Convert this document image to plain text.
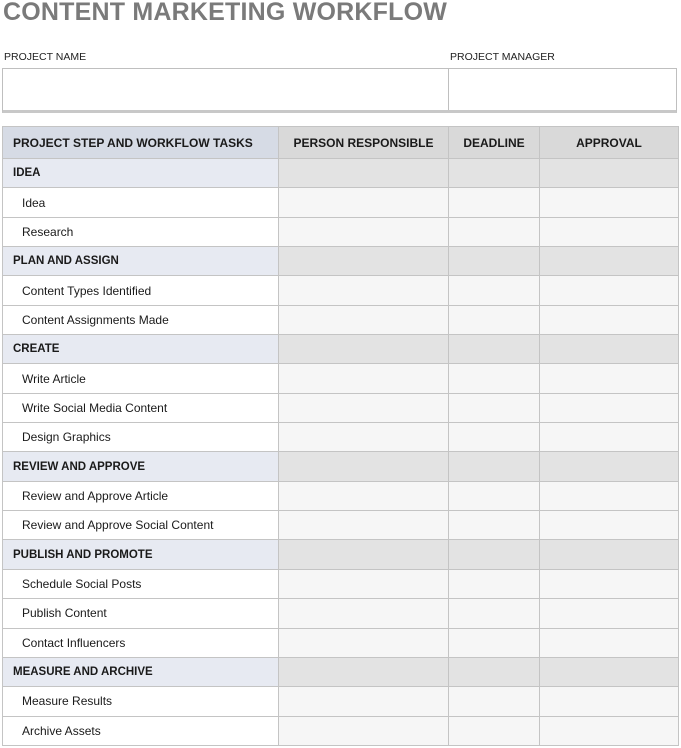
CONTENT MARKETING WORKFLOW
PROJECT NAME	PROJECT MANAGER
PROJECT STEP AND WORKFLOW TASKS	PERSON RESPONSIBLE	DEADLINE	APPROVAL
IDEA			
Idea			
Research			
PLAN AND ASSIGN			
Content Types Identified			
Content Assignments Made			
CREATE			
Write Article			
Write Social Media Content			
Design Graphics			
REVIEW AND APPROVE			
Review and Approve Article			
Review and Approve Social Content			
PUBLISH AND PROMOTE			
Schedule Social Posts			
Publish Content			
Contact Influencers			
MEASURE AND ARCHIVE			
Measure Results			
Archive Assets			
